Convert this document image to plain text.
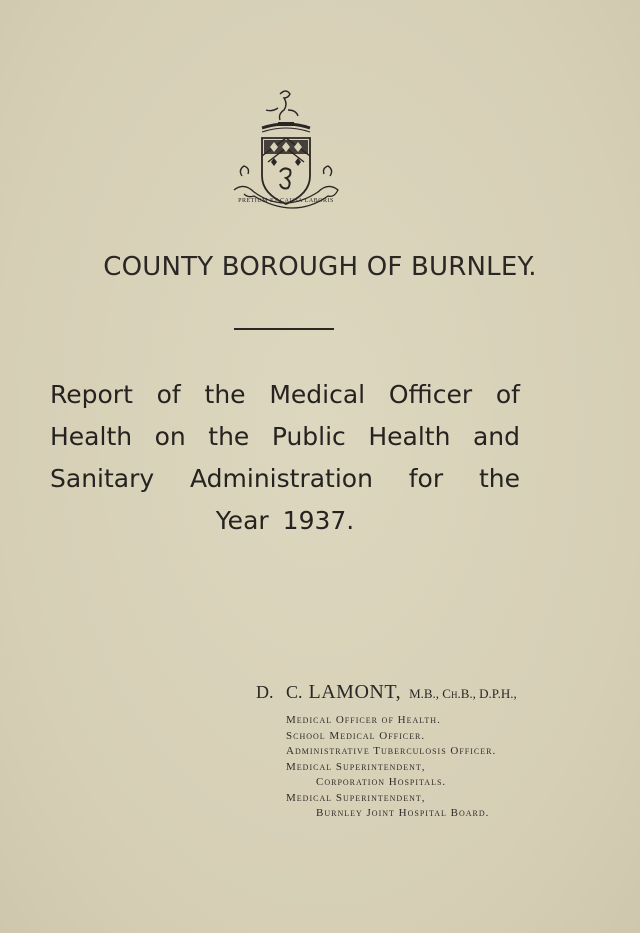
PRETIUM ET CAUSA LABORIS
COUNTY BOROUGH OF BURNLEY.
Report of the Medical Officer of
Health on the Public Health and
Sanitary Administration for the
Year 1937.
D. C. LAMONT, M.B., Ch.B., D.P.H.,
Medical Officer of Health.
School Medical Officer.
Administrative Tuberculosis Officer.
Medical Superintendent,
Corporation Hospitals.
Medical Superintendent,
Burnley Joint Hospital Board.
